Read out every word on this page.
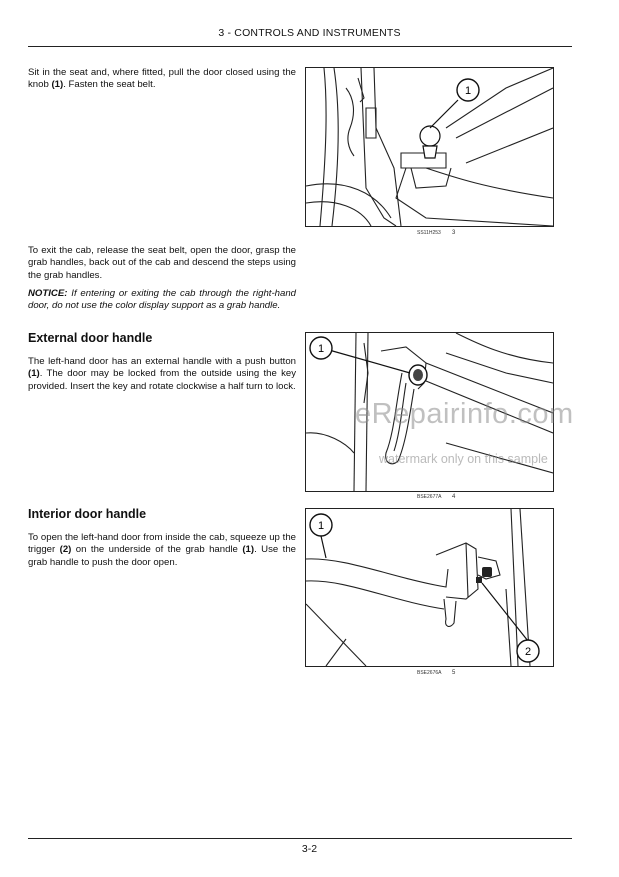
3 - CONTROLS AND INSTRUMENTS
Sit in the seat and, where fitted, pull the door closed using the knob (1). Fasten the seat belt.
1
SS11H253 3
To exit the cab, release the seat belt, open the door, grasp the grab handles, back out of the cab and descend the steps using the grab handles.
NOTICE: If entering or exiting the cab through the right-hand door, do not use the color display support as a grab handle.
External door handle
The left-hand door has an external handle with a push button (1). The door may be locked from the outside using the key provided. Insert the key and rotate clockwise a half turn to lock.
1
BSE2677A 4
Interior door handle
To open the left-hand door from inside the cab, squeeze up the trigger (2) on the underside of the grab handle (1). Use the grab handle to push the door open.
1
2
BSE2676A 5
eRepairinfo.com
watermark only on this sample
3-2
